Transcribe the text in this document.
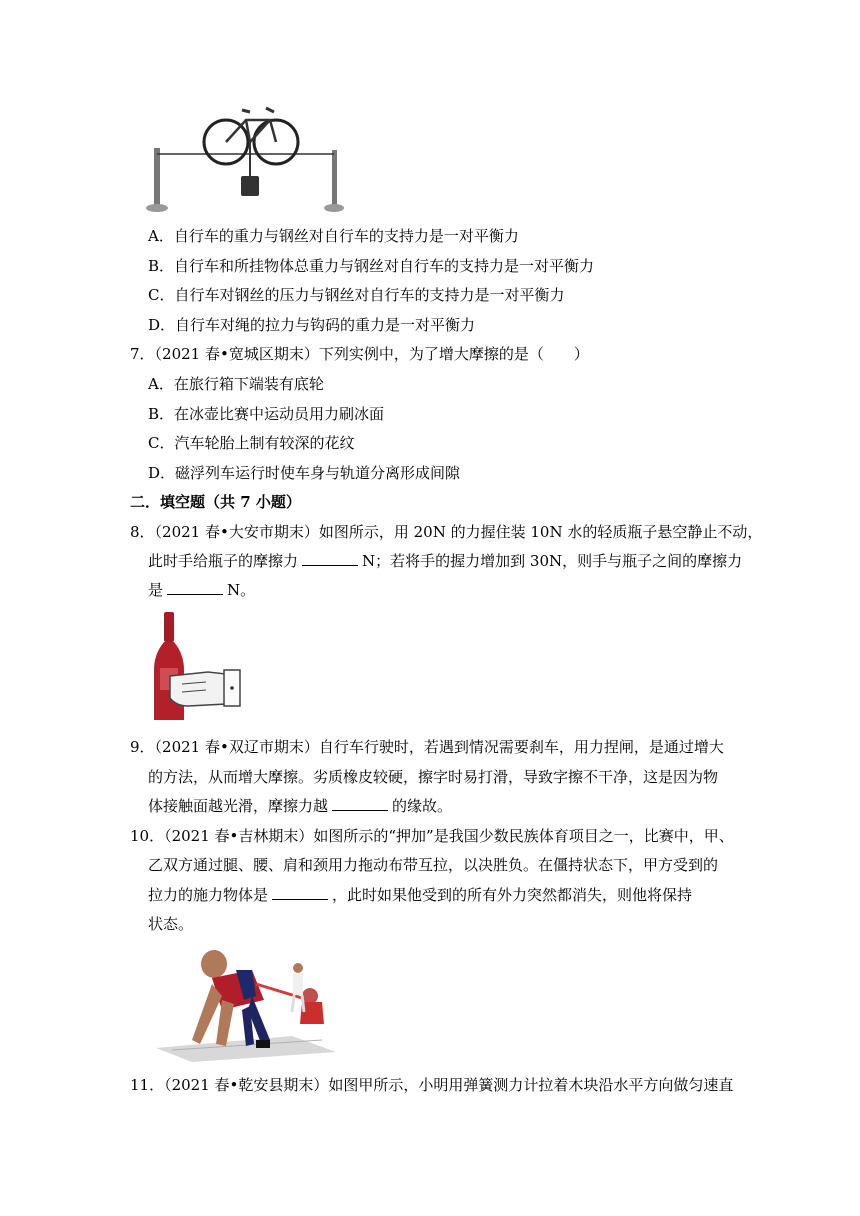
A．自行车的重力与钢丝对自行车的支持力是一对平衡力
B．自行车和所挂物体总重力与钢丝对自行车的支持力是一对平衡力
C．自行车对钢丝的压力与钢丝对自行车的支持力是一对平衡力
D．自行车对绳的拉力与钩码的重力是一对平衡力
7．（2021 春•宽城区期末）下列实例中，为了增大摩擦的是（　　）
A．在旅行箱下端装有底轮
B．在冰壶比赛中运动员用力刷冰面
C．汽车轮胎上制有较深的花纹
D．磁浮列车运行时使车身与轨道分离形成间隙
二．填空题（共 7 小题）
8．（2021 春•大安市期末）如图所示，用 20N 的力握住装 10N 水的轻质瓶子悬空静止不动，
此时手给瓶子的摩擦力	N；若将手的握力增加到 30N，则手与瓶子之间的摩擦力
是	N。
9．（2021 春•双辽市期末）自行车行驶时，若遇到情况需要刹车，用力捏闸，是通过增大
的方法，从而增大摩擦。劣质橡皮较硬，擦字时易打滑，导致字擦不干净，这是因为物
体接触面越光滑，摩擦力越	的缘故。
10．（2021 春•吉林期末）如图所示的“押加”是我国少数民族体育项目之一，比赛中，甲、
乙双方通过腿、腰、肩和颈用力拖动布带互拉，以决胜负。在僵持状态下，甲方受到的
拉力的施力物体是	，此时如果他受到的所有外力突然都消失，则他将保持
状态。
11．（2021 春•乾安县期末）如图甲所示，小明用弹簧测力计拉着木块沿水平方向做匀速直
